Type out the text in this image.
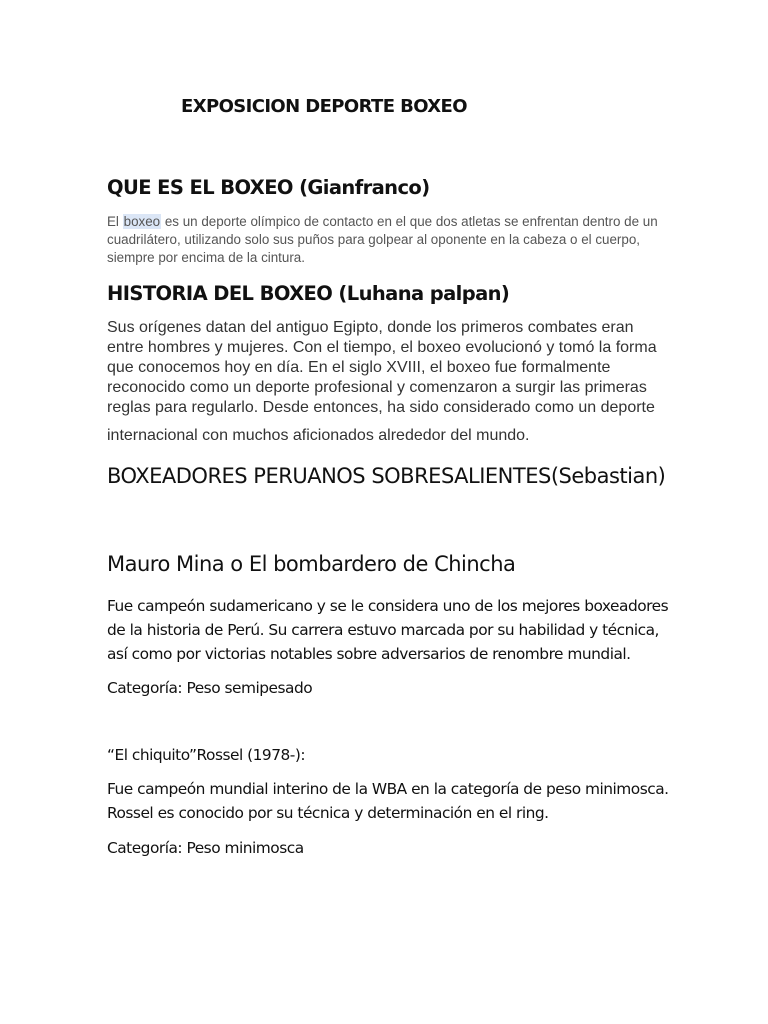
EXPOSICION DEPORTE BOXEO
QUE ES EL BOXEO (Gianfranco)

El boxeo es un deporte olímpico de contacto en el que dos atletas se enfrentan dentro de un cuadrilátero, utilizando solo sus puños para golpear al oponente en la cabeza o el cuerpo, siempre por encima de la cintura.

HISTORIA DEL BOXEO (Luhana palpan)

Sus orígenes datan del antiguo Egipto, donde los primeros combates eran entre hombres y mujeres. Con el tiempo, el boxeo evolucionó y tomó la forma que conocemos hoy en día. En el siglo XVIII, el boxeo fue formalmente reconocido como un deporte profesional y comenzaron a surgir las primeras reglas para regularlo. Desde entonces, ha sido considerado como un deporte

internacional con muchos aficionados alrededor del mundo.

BOXEADORES PERUANOS SOBRESALIENTES(Sebastian)
Mauro Mina o El bombardero de Chincha

Fue campeón sudamericano y se le considera uno de los mejores boxeadores de la historia de Perú. Su carrera estuvo marcada por su habilidad y técnica, así como por victorias notables sobre adversarios de renombre mundial.

Categoría: Peso semipesado

“El chiquito”Rossel (1978-):

Fue campeón mundial interino de la WBA en la categoría de peso minimosca. Rossel es conocido por su técnica y determinación en el ring.

Categoría: Peso minimosca
